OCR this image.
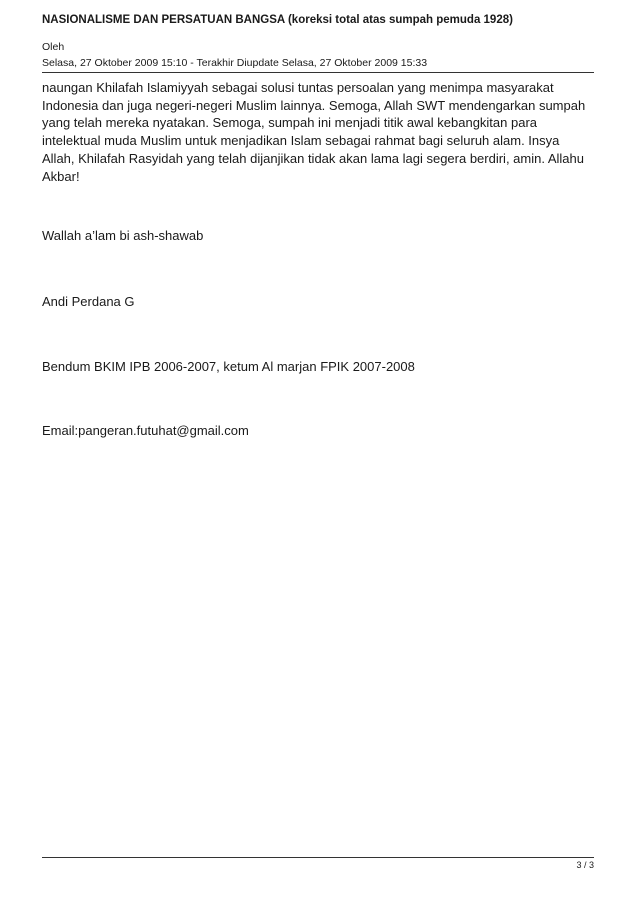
NASIONALISME DAN PERSATUAN BANGSA (koreksi total atas sumpah pemuda 1928)
Oleh
Selasa, 27 Oktober 2009 15:10 - Terakhir Diupdate Selasa, 27 Oktober 2009 15:33
naungan Khilafah Islamiyyah sebagai solusi tuntas persoalan yang menimpa masyarakat
Indonesia dan juga negeri-negeri Muslim lainnya. Semoga, Allah SWT mendengarkan sumpah
yang telah mereka nyatakan. Semoga, sumpah ini menjadi titik awal kebangkitan para
intelektual muda Muslim untuk menjadikan Islam sebagai rahmat bagi seluruh alam. Insya
Allah, Khilafah Rasyidah yang telah dijanjikan tidak akan lama lagi segera berdiri, amin. Allahu
Akbar!
Wallah a’lam bi ash-shawab
Andi Perdana G
Bendum BKIM IPB 2006-2007, ketum Al marjan FPIK 2007-2008
Email:pangeran.futuhat@gmail.com
3 / 3
